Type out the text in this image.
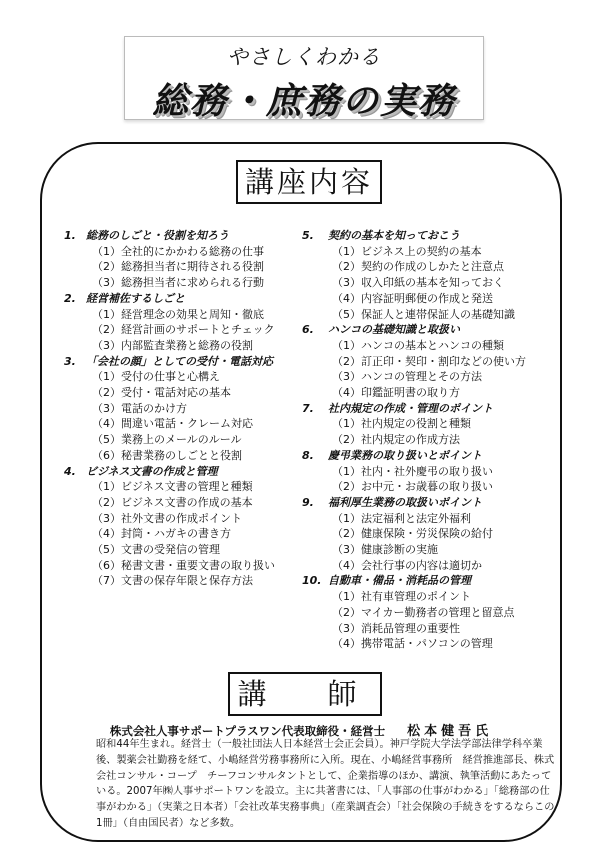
やさしくわかる
総務・庶務の実務
講座内容
1. 総務のしごと・役割を知ろう
（1）全社的にかかわる総務の仕事
（2）総務担当者に期待される役割
（3）総務担当者に求められる行動
2. 経営補佐するしごと
（1）経営理念の効果と周知・徹底
（2）経営計画のサポートとチェック
（3）内部監査業務と総務の役割
3. 「会社の顔」としての受付・電話対応
（1）受付の仕事と心構え
（2）受付・電話対応の基本
（3）電話のかけ方
（4）間違い電話・クレーム対応
（5）業務上のメールのルール
（6）秘書業務のしごとと役割
4. ビジネス文書の作成と管理
（1）ビジネス文書の管理と種類
（2）ビジネス文書の作成の基本
（3）社外文書の作成ポイント
（4）封筒・ハガキの書き方
（5）文書の受発信の管理
（6）秘書文書・重要文書の取り扱い
（7）文書の保存年限と保存方法
5. 契約の基本を知っておこう
（1）ビジネス上の契約の基本
（2）契約の作成のしかたと注意点
（3）収入印紙の基本を知っておく
（4）内容証明郵便の作成と発送
（5）保証人と連帯保証人の基礎知識
6. ハンコの基礎知識と取扱い
（1）ハンコの基本とハンコの種類
（2）訂正印・契印・割印などの使い方
（3）ハンコの管理とその方法
（4）印鑑証明書の取り方
7. 社内規定の作成・管理のポイント
（1）社内規定の役割と種類
（2）社内規定の作成方法
8. 慶弔業務の取り扱いとポイント
（1）社内・社外慶弔の取り扱い
（2）お中元・お歳暮の取り扱い
9. 福利厚生業務の取扱いポイント
（1）法定福利と法定外福利
（2）健康保険・労災保険の給付
（3）健康診断の実施
（4）会社行事の内容は適切か
10. 自動車・備品・消耗品の管理
（1）社有車管理のポイント
（2）マイカー勤務者の管理と留意点
（3）消耗品管理の重要性
（4）携帯電話・パソコンの管理
講　師
株式会社人事サポートプラスワン代表取締役・経営士 松本健吾氏
昭和44年生まれ。経営士（一般社団法人日本経営士会正会員）。神戸学院大学法学部法律学科卒業後、製薬会社勤務を経て、小嶋経営労務事務所に入所。現在、小嶋経営事務所　経営推進部長、株式会社コンサル・コープ　チーフコンサルタントとして、企業指導のほか、講演、執筆活動にあたっている。2007年㈱人事サポートワンを設立。主に共著書には、「人事部の仕事がわかる」「総務部の仕事がわかる」（実業之日本者）「会社改革実務事典」（産業調査会）「社会保険の手続きをするならこの1冊」（自由国民者）など多数。
